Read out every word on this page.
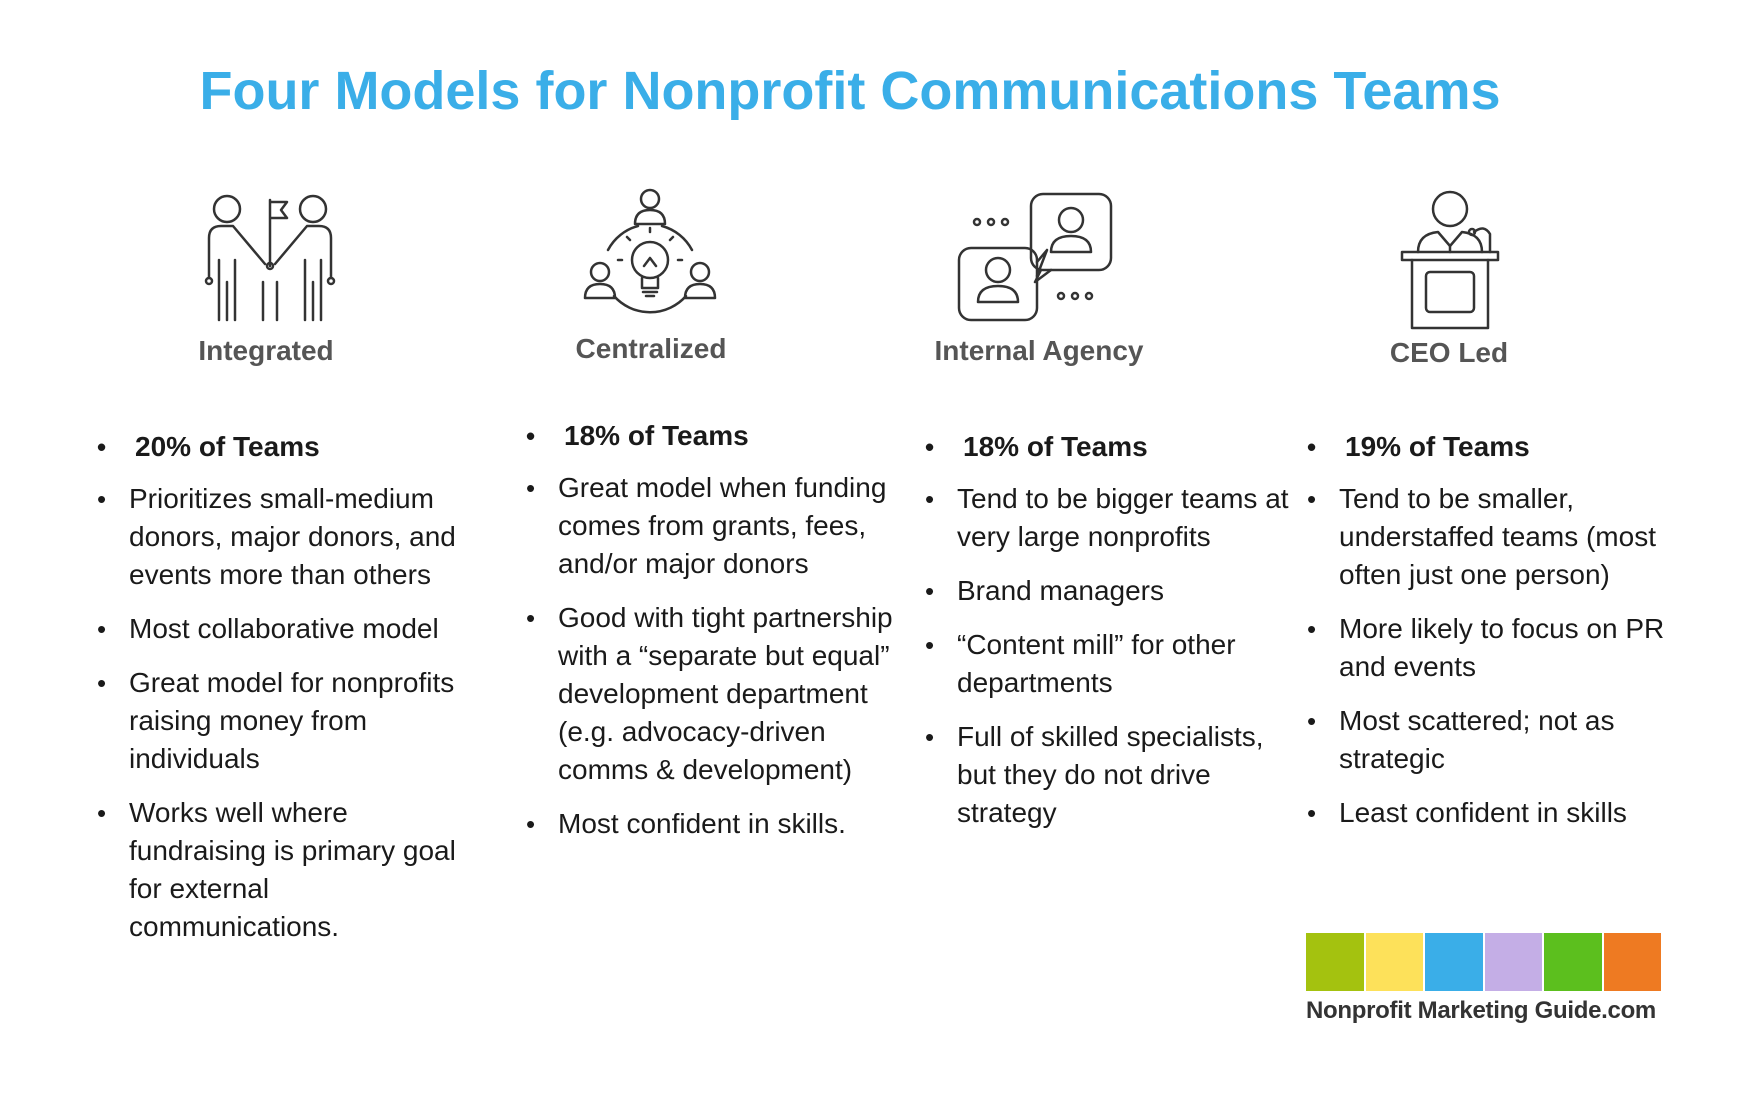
Four Models for Nonprofit Communications Teams
Integrated	Centralized	Internal Agency	CEO Led
• 20% of Teams
• Prioritizes small-medium donors, major donors, and events more than others
• Most collaborative model
• Great model for nonprofits raising money from individuals
• Works well where fundraising is primary goal for external communications.
• 18% of Teams
• Great model when funding comes from grants, fees, and/or major donors
• Good with tight partnership with a “separate but equal” development department (e.g. advocacy-driven comms & development)
• Most confident in skills.
• 18% of Teams
• Tend to be bigger teams at very large nonprofits
• Brand managers
• “Content mill” for other departments
• Full of skilled specialists, but they do not drive strategy
• 19% of Teams
• Tend to be smaller, understaffed teams (most often just one person)
• More likely to focus on PR and events
• Most scattered; not as strategic
• Least confident in skills
Nonprofit Marketing Guide.com
